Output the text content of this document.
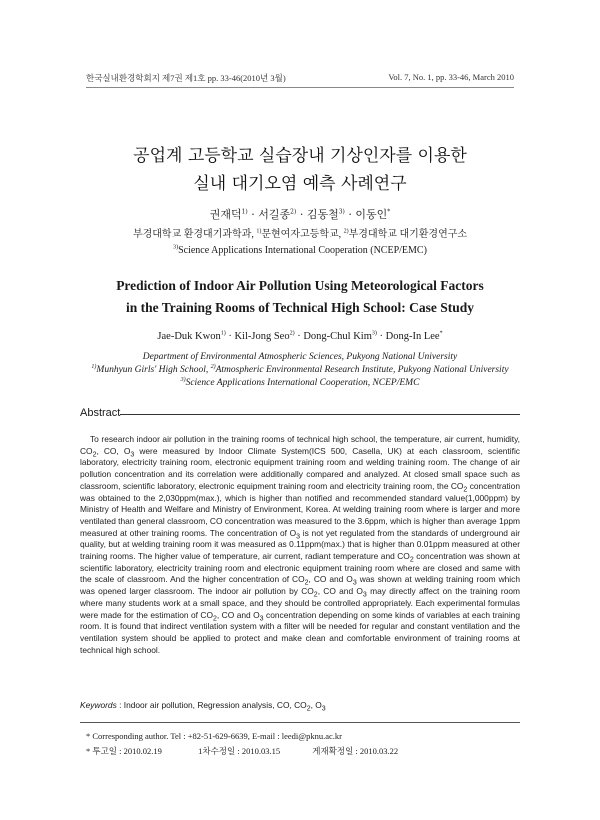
한국실내환경학회지 제7권 제1호 pp. 33-46(2010년 3월)	Vol. 7, No. 1, pp. 33-46, March 2010
공업계 고등학교 실습장내 기상인자를 이용한
실내 대기오염 예측 사례연구
권재덕$^{1)}$ · 서길종$^{2)}$ · 김동철$^{3)}$ · 이동인*
부경대학교 환경대기과학과, $^{1)}$문현여자고등학교, $^{2)}$부경대학교 대기환경연구소
$^{3)}$Science Applications International Cooperation (NCEP/EMC)
Prediction of Indoor Air Pollution Using Meteorological Factors
in the Training Rooms of Technical High School: Case Study
Jae-Duk Kwon$^{1)}$ · Kil-Jong Seo$^{2)}$ · Dong-Chul Kim$^{3)}$ · Dong-In Lee*
Department of Environmental Atmospheric Sciences, Pukyong National University
$^{1)}$Munhyun Girls' High School, $^{2)}$Atmospheric Environmental Research Institute, Pukyong National University
$^{3)}$Science Applications International Cooperation, NCEP/EMC
Abstract
To research indoor air pollution in the training rooms of technical high school, the temperature, air current, humidity, $CO_2$, CO, $O_3$ were measured by Indoor Climate System(ICS 500, Casella, UK) at each classroom, scientific laboratory, electricity training room, electronic equipment training room and welding training room. The change of air pollution concentration and its correlation were additionally compared and analyzed. At closed small space such as classroom, scientific laboratory, electronic equipment training room and electricity training room, the $CO_2$ concentration was obtained to the 2,030ppm(max.), which is higher than notified and recommended standard value(1,000ppm) by Ministry of Health and Welfare and Ministry of Environment, Korea. At welding training room where is larger and more ventilated than general classroom, CO concentration was measured to the 3.6ppm, which is higher than average 1ppm measured at other training rooms. The concentration of $O_3$ is not yet regulated from the standards of underground air quality, but at welding training room it was measured as 0.11ppm(max.) that is higher than 0.01ppm measured at other training rooms. The higher value of temperature, air current, radiant temperature and $CO_2$ concentration was shown at scientific laboratory, electricity training room and electronic equipment training room where are closed and same with the scale of classroom. And the higher concentration of $CO_2$, CO and $O_3$ was shown at welding training room which was opened larger classroom. The indoor air pollution by $CO_2$, CO and $O_3$ may directly affect on the training room where many students work at a small space, and they should be controlled appropriately. Each experimental formulas were made for the estimation of $CO_2$, CO and $O_3$ concentration depending on some kinds of variables at each training room. It is found that indirect ventilation system with a filter will be needed for regular and constant ventilation and the ventilation system should be applied to protect and make clean and comfortable environment of training rooms at technical high school.
Keywords : Indoor air pollution, Regression analysis, CO, $CO_2$, $O_3$
* Corresponding author. Tel : +82-51-629-6639, E-mail : leedi@pknu.ac.kr
* 투고일 : 2010.02.19	1차수정일 : 2010.03.15	게재확정일 : 2010.03.22
